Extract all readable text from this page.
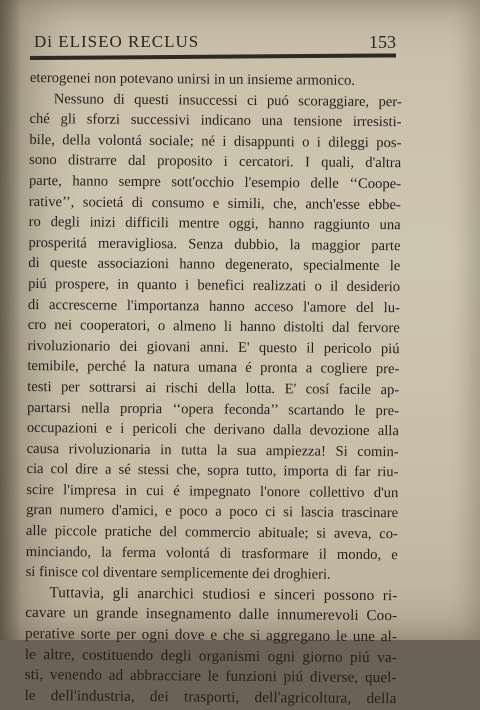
Di ELISEO RECLUS	153
eterogenei non potevano unirsi in un insieme armonico.
Nessuno di questi insuccessi ci puó scoraggiare, per-
ché gli sforzi successivi indicano una tensione irresisti-
bile, della volontá sociale; né i disappunti o i dileggi pos-
sono distrarre dal proposito i cercatori. I quali, d'altra
parte, hanno sempre sott'occhio l'esempio delle ‘‘Coope-
rative’’, societá di consumo e simili, che, anch'esse ebbe-
ro degli inizi difficili mentre oggi, hanno raggiunto una
prosperitá meravigliosa. Senza dubbio, la maggior parte
di queste associazioni hanno degenerato, specialmente le
piú prospere, in quanto i benefici realizzati o il desiderio
di accrescerne l'importanza hanno acceso l'amore del lu-
cro nei cooperatori, o almeno li hanno distolti dal fervore
rivoluzionario dei giovani anni. E' questo il pericolo piú
temibile, perché la natura umana é pronta a cogliere pre-
testi per sottrarsi ai rischi della lotta. E' cosí facile ap-
partarsi nella propria ‘‘opera feconda’’ scartando le pre-
occupazioni e i pericoli che derivano dalla devozione alla
causa rivoluzionaria in tutta la sua ampiezza! Si comin-
cia col dire a sé stessi che, sopra tutto, importa di far riu-
scire l'impresa in cui é impegnato l'onore collettivo d'un
gran numero d'amici, e poco a poco ci si lascia trascinare
alle piccole pratiche del commercio abituale; si aveva, co-
minciando, la ferma volontá di trasformare il mondo, e
si finisce col diventare semplicemente dei droghieri.
Tuttavia, gli anarchici studiosi e sinceri possono ri-
cavare un grande insegnamento dalle innumerevoli Coo-
perative sorte per ogni dove e che si aggregano le une al-
le altre, costituendo degli organismi ogni giorno piú va-
sti, venendo ad abbracciare le funzioni piú diverse, quel-
le dell'industria, dei trasporti, dell'agricoltura, della
